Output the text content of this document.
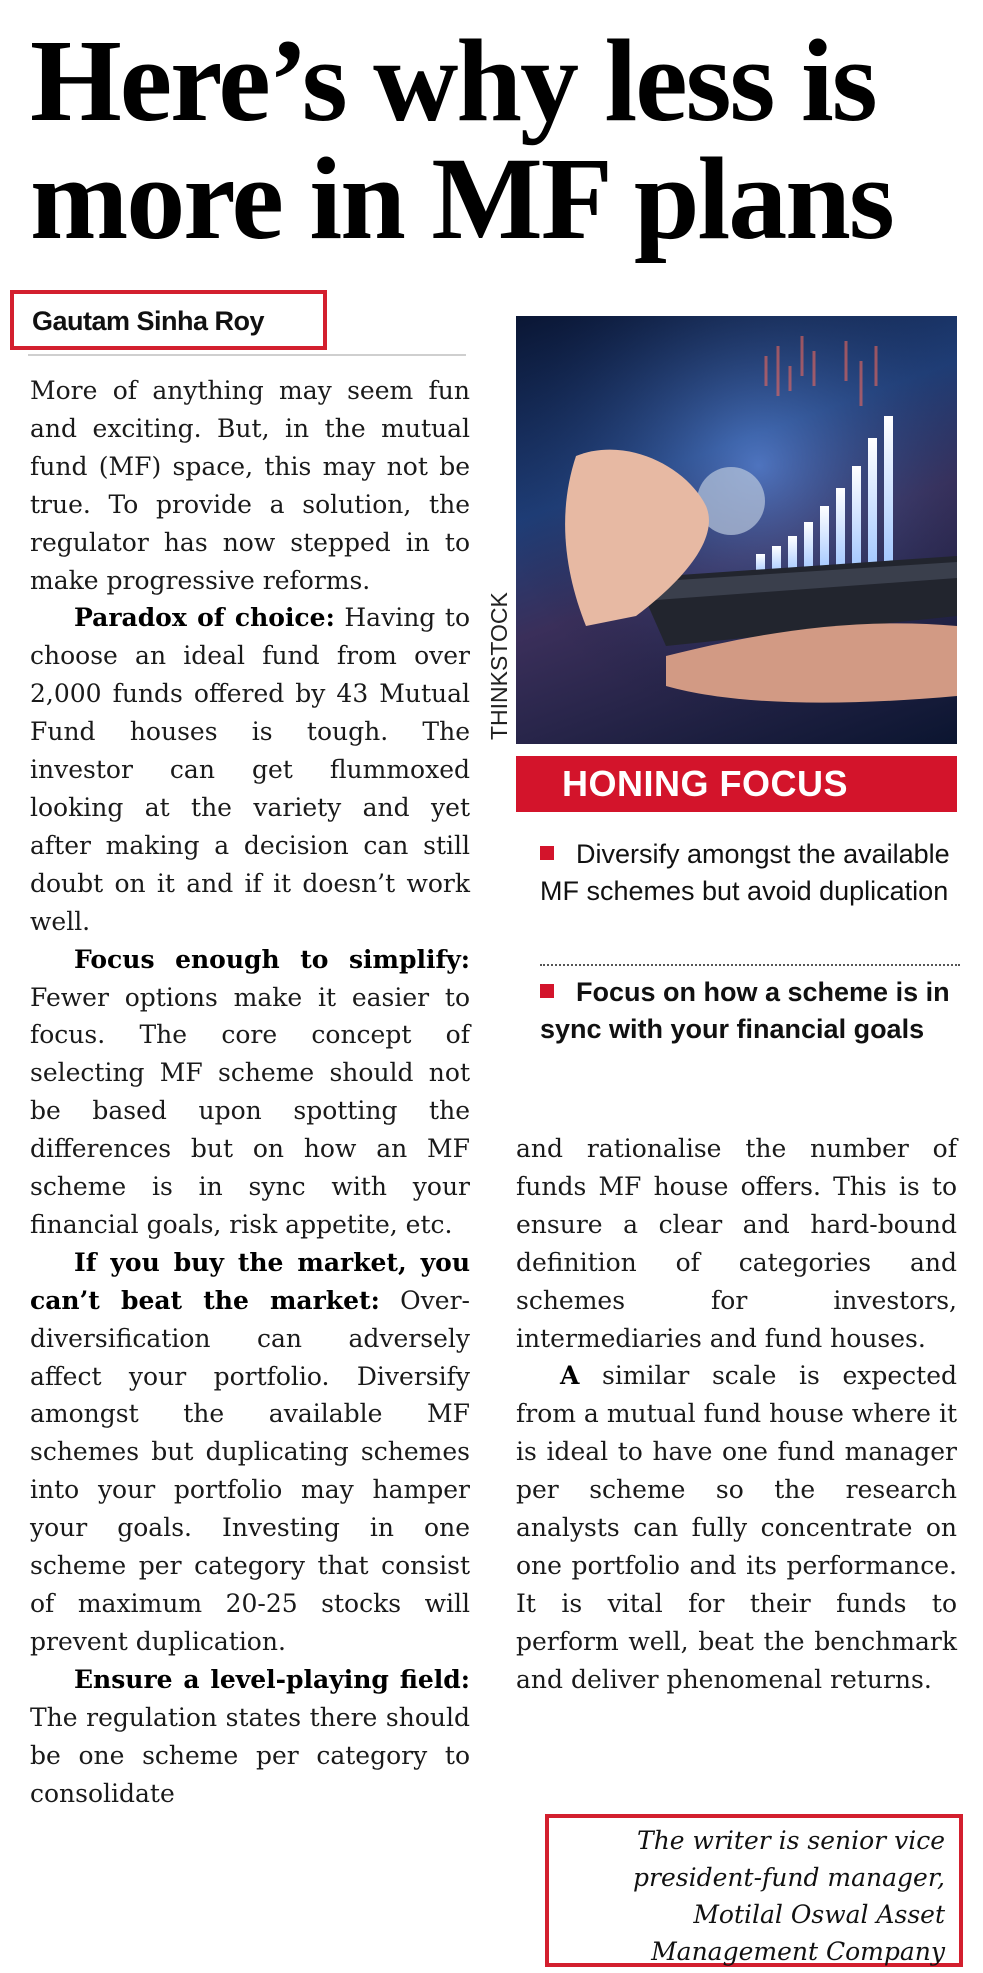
Here’s why less is
more in MF plans
Gautam Sinha Roy

More of anything may seem fun and exciting. But, in the mutual fund (MF) space, this may not be true. To provide a solution, the regulator has now stepped in to make progressive reforms.

Paradox of choice: Having to choose an ideal fund from over 2,000 funds offered by 43 Mutual Fund houses is tough. The investor can get flummoxed looking at the variety and yet after making a decision can still doubt on it and if it doesn’t work well.

Focus enough to simplify: Fewer options make it easier to focus. The core concept of selecting MF scheme should not be based upon spotting the differences but on how an MF scheme is in sync with your financial goals, risk appetite, etc.

If you buy the market, you can’t beat the market: Over-diversification can adversely affect your portfolio. Diversify amongst the available MF schemes but duplicating schemes into your portfolio may hamper your goals. Investing in one scheme per category that consist of maximum 20-25 stocks will prevent duplication.

Ensure a level-playing field: The regulation states there should be one scheme per category to consolidate

THINKSTOCK
HONING FOCUS
Diversify amongst the available MF schemes but avoid duplication
Focus on how a scheme is in sync with your financial goals

and rationalise the number of funds MF house offers. This is to ensure a clear and hard-bound definition of categories and schemes for investors, intermediaries and fund houses.

A similar scale is expected from a mutual fund house where it is ideal to have one fund manager per scheme so the research analysts can fully concentrate on one portfolio and its performance. It is vital for their funds to perform well, beat the benchmark and deliver phenomenal returns.

The writer is senior vice
president-fund manager,
Motilal Oswal Asset
Management Company
